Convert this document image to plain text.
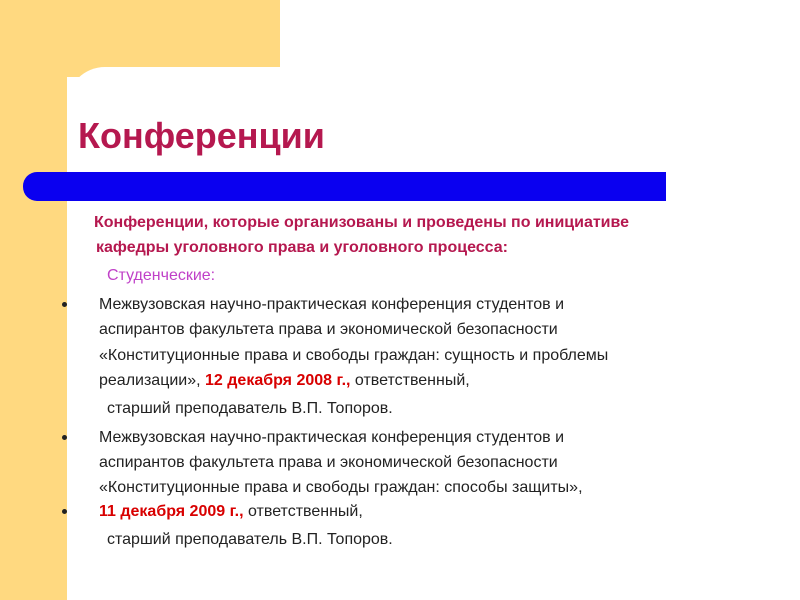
Конференции
Конференции, которые организованы и проведены по инициативе
кафедры уголовного права и уголовного процесса:
Студенческие:
Межвузовская научно-практическая конференция студентов и
аспирантов факультета права и экономической безопасности
«Конституционные права и свободы граждан: сущность и проблемы
реализации», 12 декабря 2008 г., ответственный,
старший преподаватель В.П. Топоров.
Межвузовская научно-практическая конференция студентов и
аспирантов факультета права и экономической безопасности
«Конституционные права и свободы граждан: способы защиты»,
11 декабря 2009 г., ответственный,
старший преподаватель В.П. Топоров.
